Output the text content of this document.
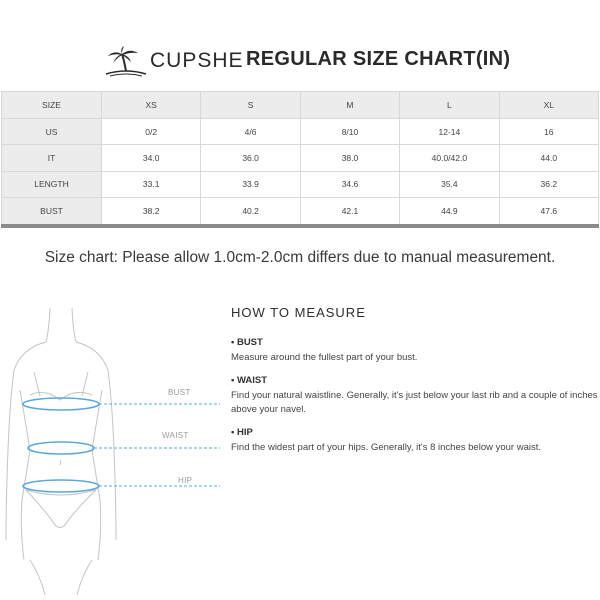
CUPSHE REGULAR SIZE CHART(IN)
SIZE	XS	S	M	L	XL
US	0/2	4/6	8/10	12-14	16
IT	34.0	36.0	38.0	40.0/42.0	44.0
LENGTH	33.1	33.9	34.6	35.4	36.2
BUST	38.2	40.2	42.1	44.9	47.6
Size chart: Please allow 1.0cm-2.0cm differs due to manual measurement.
BUST
WAIST
HIP
HOW TO MEASURE
• BUST

Measure around the fullest part of your bust.

• WAIST

Find your natural waistline. Generally, it's just below your last rib and a couple of inches above your navel.

• HIP

Find the widest part of your hips. Generally, it's 8 inches below your waist.
